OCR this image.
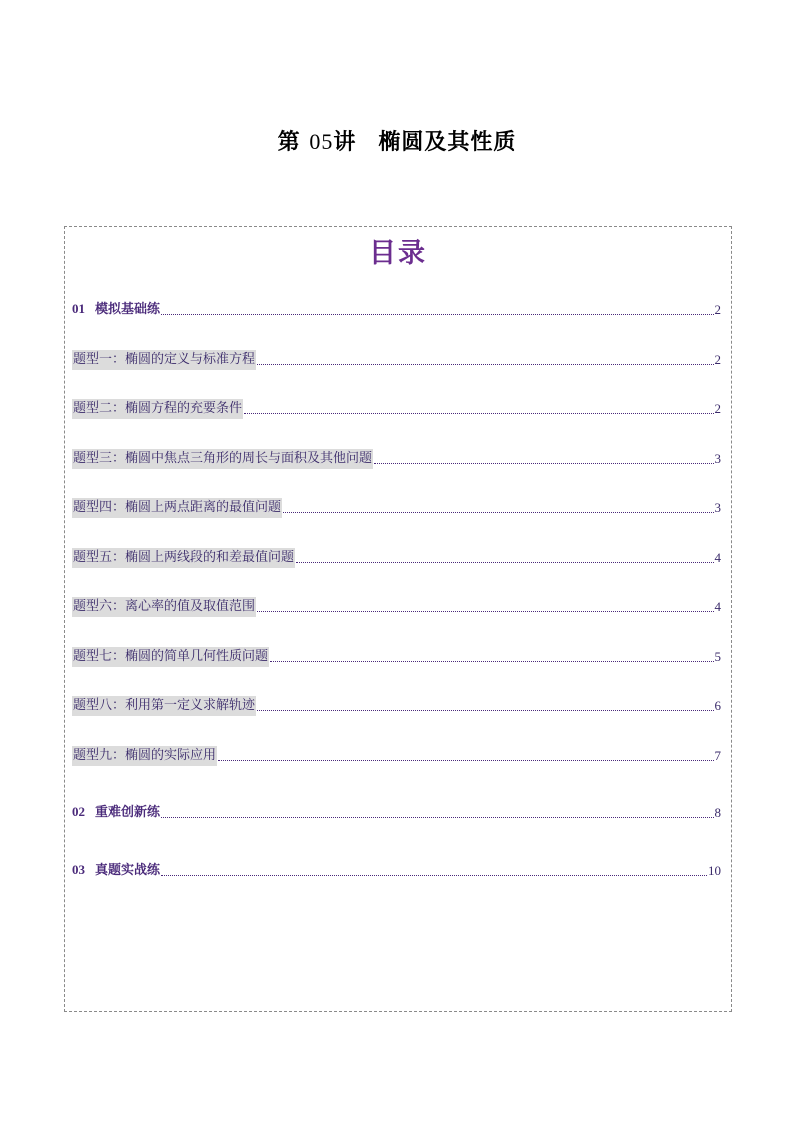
第 05讲 椭圆及其性质
目录
01 模拟基础练	2
题型一：椭圆的定义与标准方程	2
题型二：椭圆方程的充要条件	2
题型三：椭圆中焦点三角形的周长与面积及其他问题	3
题型四：椭圆上两点距离的最值问题	3
题型五：椭圆上两线段的和差最值问题	4
题型六：离心率的值及取值范围	4
题型七：椭圆的简单几何性质问题	5
题型八：利用第一定义求解轨迹	6
题型九：椭圆的实际应用	7
02 重难创新练	8
03 真题实战练	10
